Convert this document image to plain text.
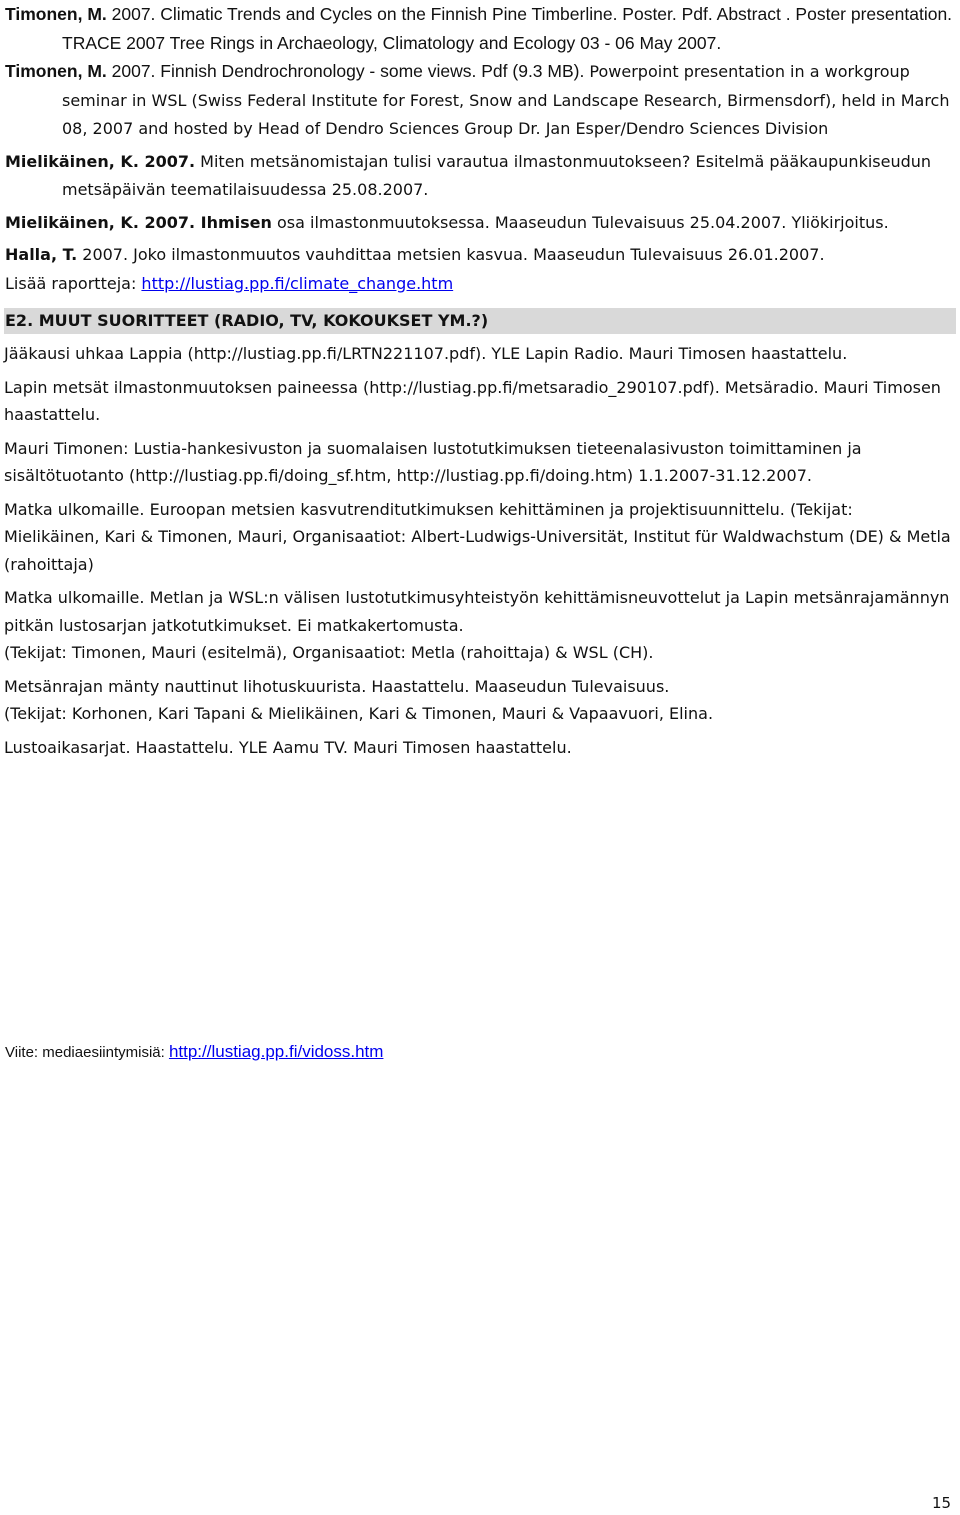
Timonen, M. 2007. Climatic Trends and Cycles on the Finnish Pine Timberline. Poster. Pdf. Abstract . Poster presentation. TRACE 2007 Tree Rings in Archaeology, Climatology and Ecology 03 - 06 May 2007.

Timonen, M. 2007. Finnish Dendrochronology - some views. Pdf (9.3 MB). Powerpoint presentation in a workgroup seminar in WSL (Swiss Federal Institute for Forest, Snow and Landscape Research, Birmensdorf), held in March 08, 2007 and hosted by Head of Dendro Sciences Group Dr. Jan Esper/Dendro Sciences Division

Mielikäinen, K. 2007. Miten metsänomistajan tulisi varautua ilmastonmuutokseen? Esitelmä pääkaupunkiseudun metsäpäivän teematilaisuudessa 25.08.2007.

Mielikäinen, K. 2007. Ihmisen osa ilmastonmuutoksessa. Maaseudun Tulevaisuus 25.04.2007. Yliökirjoitus.

Halla, T. 2007. Joko ilmastonmuutos vauhdittaa metsien kasvua. Maaseudun Tulevaisuus 26.01.2007.

Lisää raportteja: http://lustiag.pp.fi/climate_change.htm

E2. MUUT SUORITTEET (RADIO, TV, KOKOUKSET YM.?)
Jääkausi uhkaa Lappia (http://lustiag.pp.fi/LRTN221107.pdf). YLE Lapin Radio. Mauri Timosen haastattelu.
Lapin metsät ilmastonmuutoksen paineessa (http://lustiag.pp.fi/metsaradio_290107.pdf). Metsäradio. Mauri Timosen haastattelu.
Mauri Timonen: Lustia-hankesivuston ja suomalaisen lustotutkimuksen tieteenalasivuston toimittaminen ja sisältötuotanto (http://lustiag.pp.fi/doing_sf.htm, http://lustiag.pp.fi/doing.htm) 1.1.2007-31.12.2007.
Matka ulkomaille. Euroopan metsien kasvutrenditutkimuksen kehittäminen ja projektisuunnittelu. (Tekijat: Mielikäinen, Kari & Timonen, Mauri, Organisaatiot: Albert-Ludwigs-Universität, Institut für Waldwachstum (DE) & Metla (rahoittaja)
Matka ulkomaille. Metlan ja WSL:n välisen lustotutkimusyhteistyön kehittämisneuvottelut ja Lapin metsänrajamännyn pitkän lustosarjan jatkotutkimukset. Ei matkakertomusta.
(Tekijat: Timonen, Mauri (esitelmä), Organisaatiot: Metla (rahoittaja) & WSL (CH).
Metsänrajan mänty nauttinut lihotuskuurista. Haastattelu. Maaseudun Tulevaisuus.
(Tekijat: Korhonen, Kari Tapani & Mielikäinen, Kari & Timonen, Mauri & Vapaavuori, Elina.
Lustoaikasarjat. Haastattelu. YLE Aamu TV. Mauri Timosen haastattelu.
Viite: mediaesiintymisiä: http://lustiag.pp.fi/vidoss.htm
15
